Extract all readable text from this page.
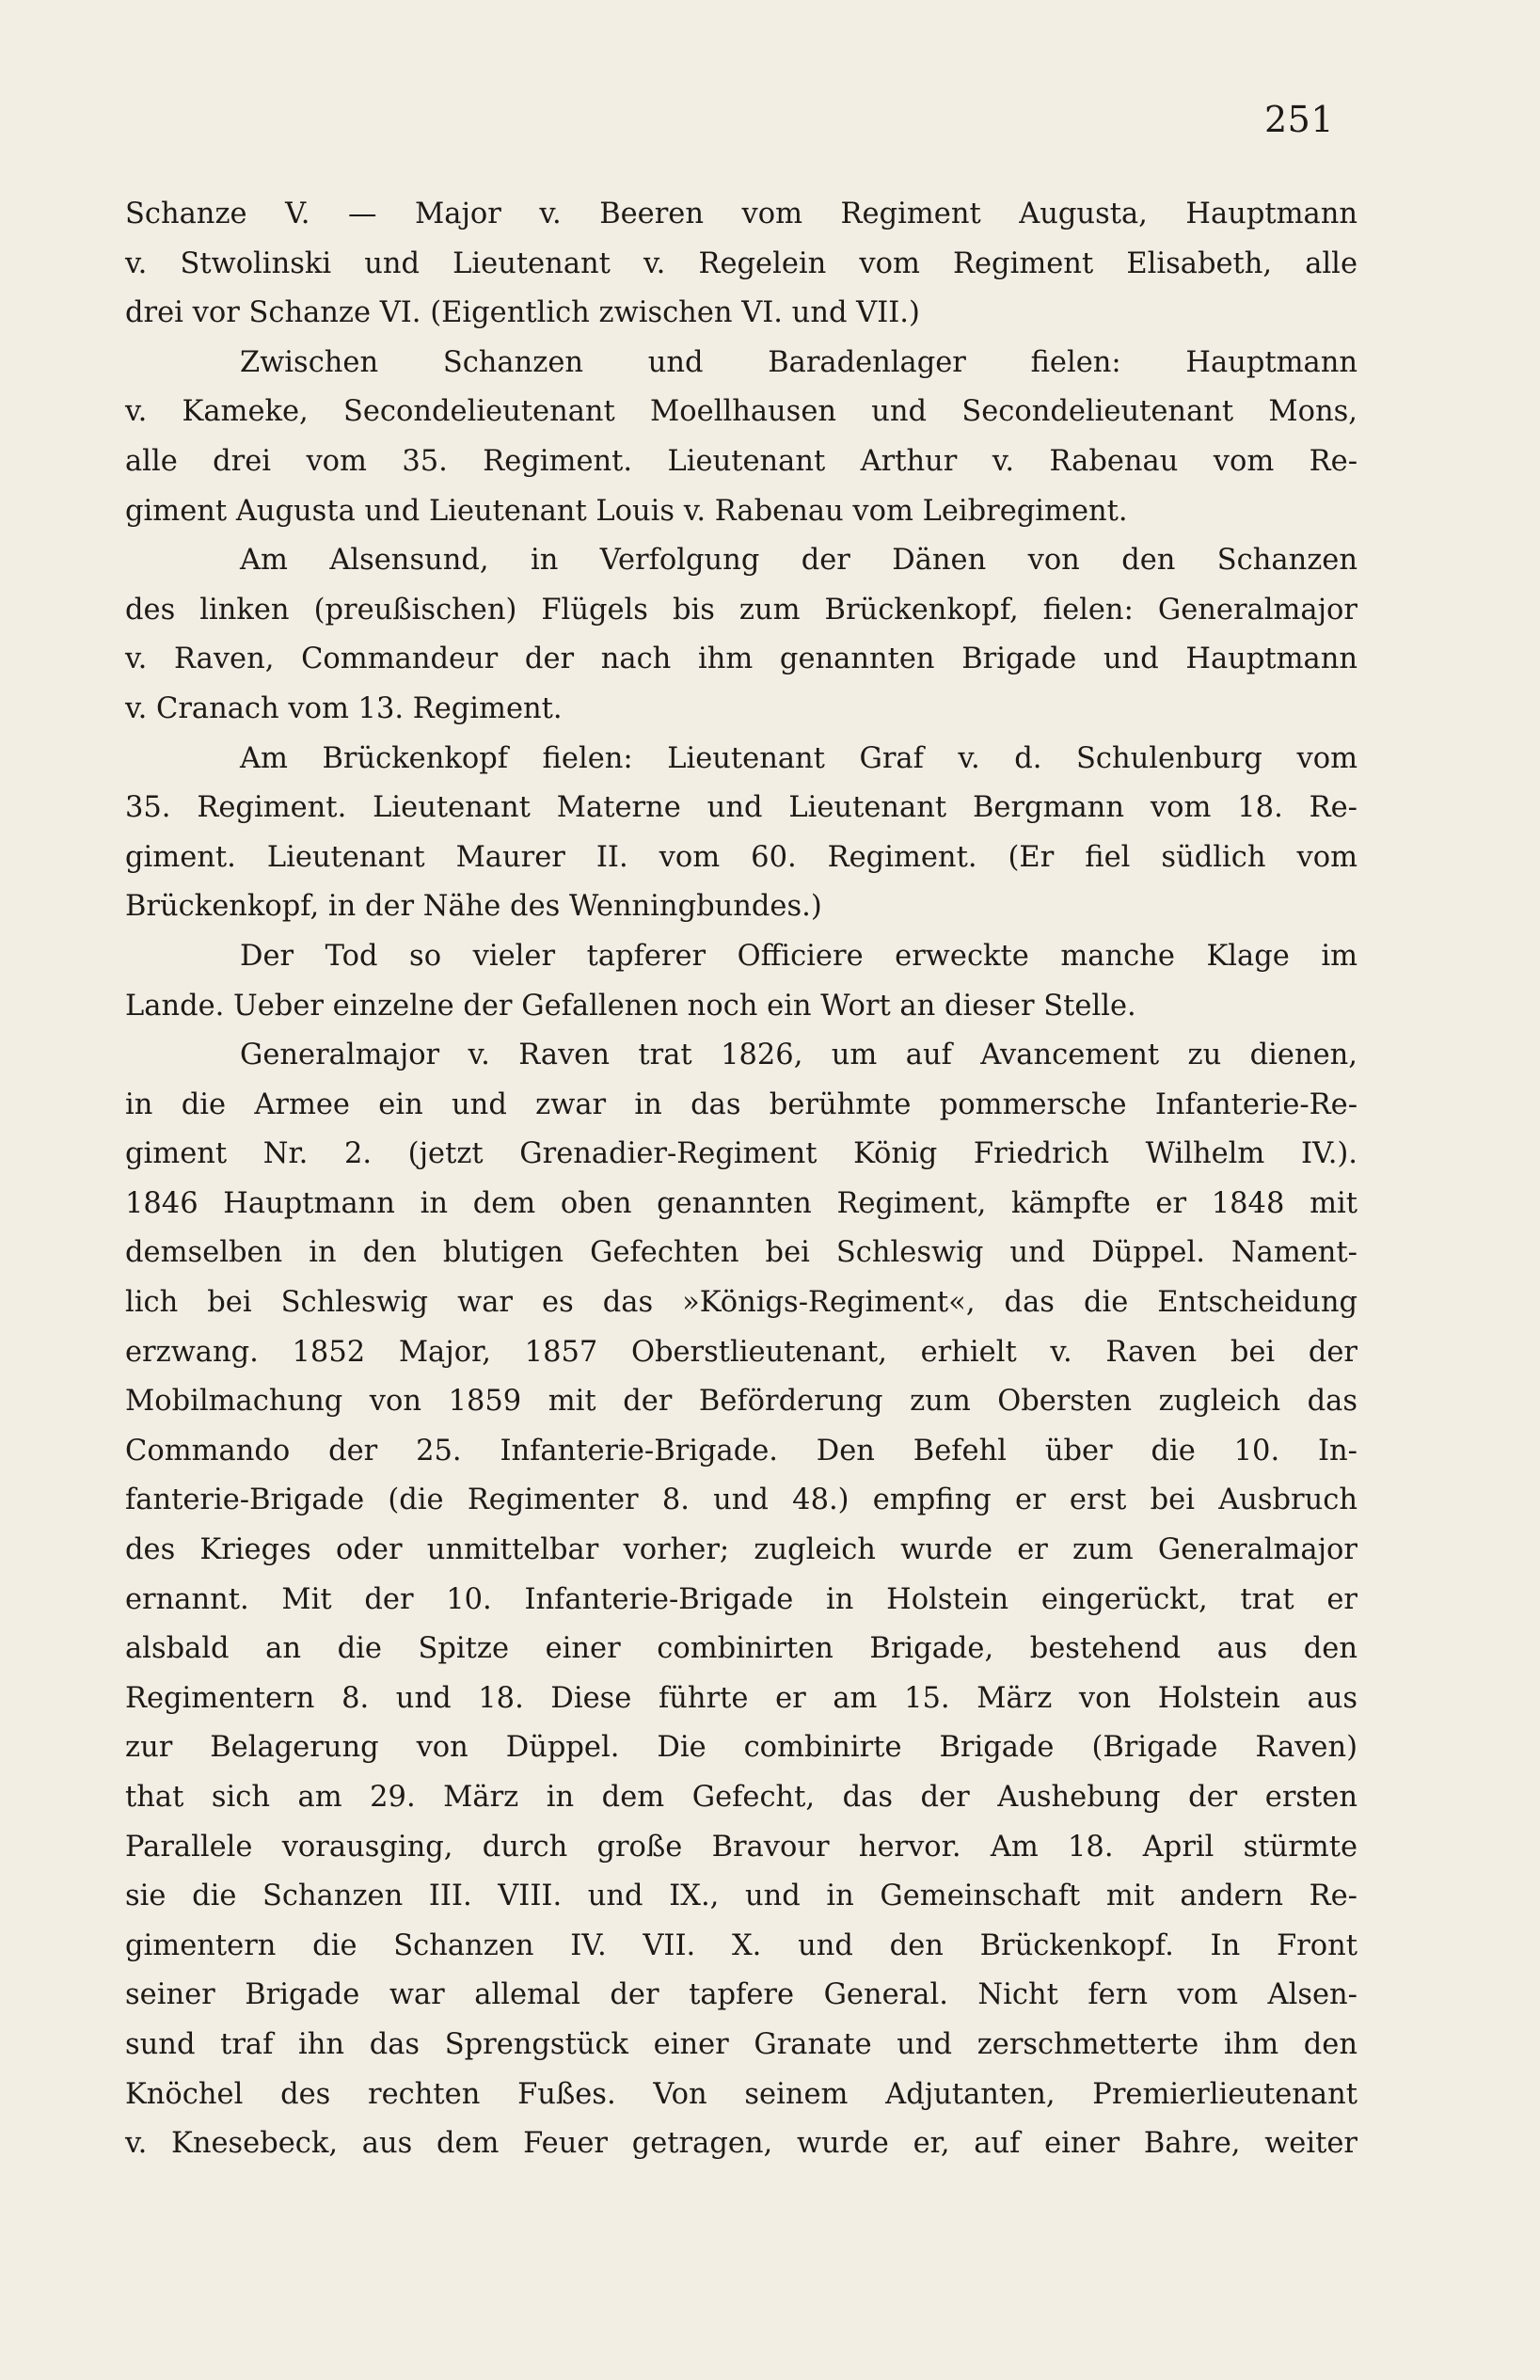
251
Schanze V. — Major v. Beeren vom Regiment Augusta, Hauptmann
v. Stwolinski und Lieutenant v. Regelein vom Regiment Elisabeth, alle
drei vor Schanze VI. (Eigentlich zwischen VI. und VII.)
Zwischen Schanzen und Baradenlager fielen: Hauptmann
v. Kameke, Secondelieutenant Moellhausen und Secondelieutenant Mons,
alle drei vom 35. Regiment. Lieutenant Arthur v. Rabenau vom Re-
giment Augusta und Lieutenant Louis v. Rabenau vom Leibregiment.
Am Alsensund, in Verfolgung der Dänen von den Schanzen
des linken (preußischen) Flügels bis zum Brückenkopf, fielen: Generalmajor
v. Raven, Commandeur der nach ihm genannten Brigade und Hauptmann
v. Cranach vom 13. Regiment.
Am Brückenkopf fielen: Lieutenant Graf v. d. Schulenburg vom
35. Regiment. Lieutenant Materne und Lieutenant Bergmann vom 18. Re-
giment. Lieutenant Maurer II. vom 60. Regiment. (Er fiel südlich vom
Brückenkopf, in der Nähe des Wenningbundes.)
Der Tod so vieler tapferer Officiere erweckte manche Klage im
Lande. Ueber einzelne der Gefallenen noch ein Wort an dieser Stelle.
Generalmajor v. Raven trat 1826, um auf Avancement zu dienen,
in die Armee ein und zwar in das berühmte pommersche Infanterie-Re-
giment Nr. 2. (jetzt Grenadier-Regiment König Friedrich Wilhelm IV.).
1846 Hauptmann in dem oben genannten Regiment, kämpfte er 1848 mit
demselben in den blutigen Gefechten bei Schleswig und Düppel. Nament-
lich bei Schleswig war es das »Königs-Regiment«, das die Entscheidung
erzwang. 1852 Major, 1857 Oberstlieutenant, erhielt v. Raven bei der
Mobilmachung von 1859 mit der Beförderung zum Obersten zugleich das
Commando der 25. Infanterie-Brigade. Den Befehl über die 10. In-
fanterie-Brigade (die Regimenter 8. und 48.) empfing er erst bei Ausbruch
des Krieges oder unmittelbar vorher; zugleich wurde er zum Generalmajor
ernannt. Mit der 10. Infanterie-Brigade in Holstein eingerückt, trat er
alsbald an die Spitze einer combinirten Brigade, bestehend aus den
Regimentern 8. und 18. Diese führte er am 15. März von Holstein aus
zur Belagerung von Düppel. Die combinirte Brigade (Brigade Raven)
that sich am 29. März in dem Gefecht, das der Aushebung der ersten
Parallele vorausging, durch große Bravour hervor. Am 18. April stürmte
sie die Schanzen III. VIII. und IX., und in Gemeinschaft mit andern Re-
gimentern die Schanzen IV. VII. X. und den Brückenkopf. In Front
seiner Brigade war allemal der tapfere General. Nicht fern vom Alsen-
sund traf ihn das Sprengstück einer Granate und zerschmetterte ihm den
Knöchel des rechten Fußes. Von seinem Adjutanten, Premierlieutenant
v. Knesebeck, aus dem Feuer getragen, wurde er, auf einer Bahre, weiter
